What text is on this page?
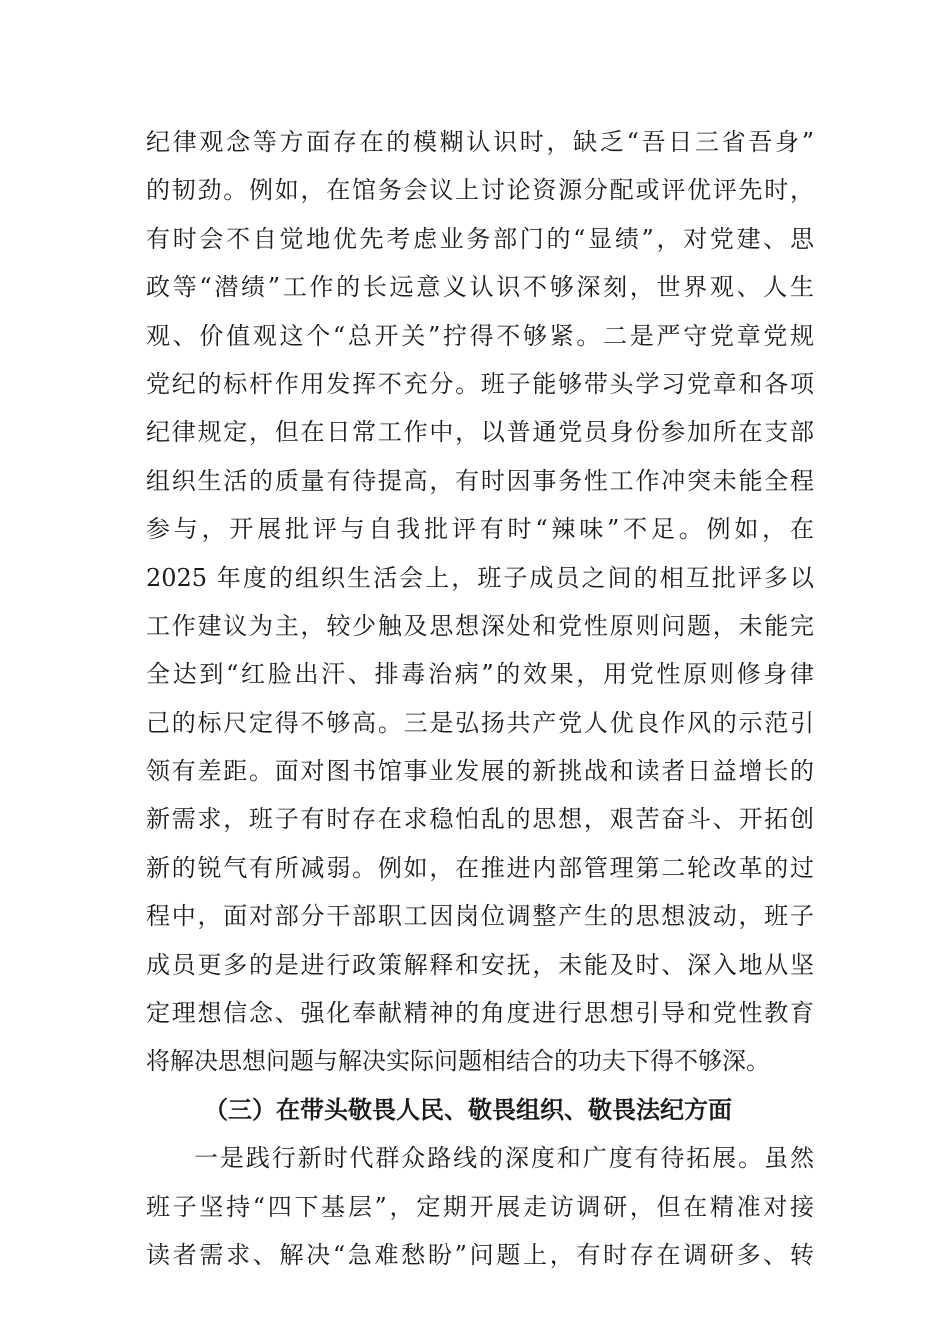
纪律观念等方面存在的模糊认识时，缺乏“吾日三省吾身”
的韧劲。例如，在馆务会议上讨论资源分配或评优评先时，
有时会不自觉地优先考虑业务部门的“显绩”，对党建、思
政等“潜绩”工作的长远意义认识不够深刻，世界观、人生
观、价值观这个“总开关”拧得不够紧。二是严守党章党规
党纪的标杆作用发挥不充分。班子能够带头学习党章和各项
纪律规定，但在日常工作中，以普通党员身份参加所在支部
组织生活的质量有待提高，有时因事务性工作冲突未能全程
参与，开展批评与自我批评有时“辣味”不足。例如，在
2025 年度的组织生活会上，班子成员之间的相互批评多以
工作建议为主，较少触及思想深处和党性原则问题，未能完
全达到“红脸出汗、排毒治病”的效果，用党性原则修身律
己的标尺定得不够高。三是弘扬共产党人优良作风的示范引
领有差距。面对图书馆事业发展的新挑战和读者日益增长的
新需求，班子有时存在求稳怕乱的思想，艰苦奋斗、开拓创
新的锐气有所减弱。例如，在推进内部管理第二轮改革的过
程中，面对部分干部职工因岗位调整产生的思想波动，班子
成员更多的是进行政策解释和安抚，未能及时、深入地从坚
定理想信念、强化奉献精神的角度进行思想引导和党性教育
将解决思想问题与解决实际问题相结合的功夫下得不够深。
（三）在带头敬畏人民、敬畏组织、敬畏法纪方面
一是践行新时代群众路线的深度和广度有待拓展。虽然
班子坚持“四下基层”，定期开展走访调研，但在精准对接
读者需求、解决“急难愁盼”问题上，有时存在调研多、转
